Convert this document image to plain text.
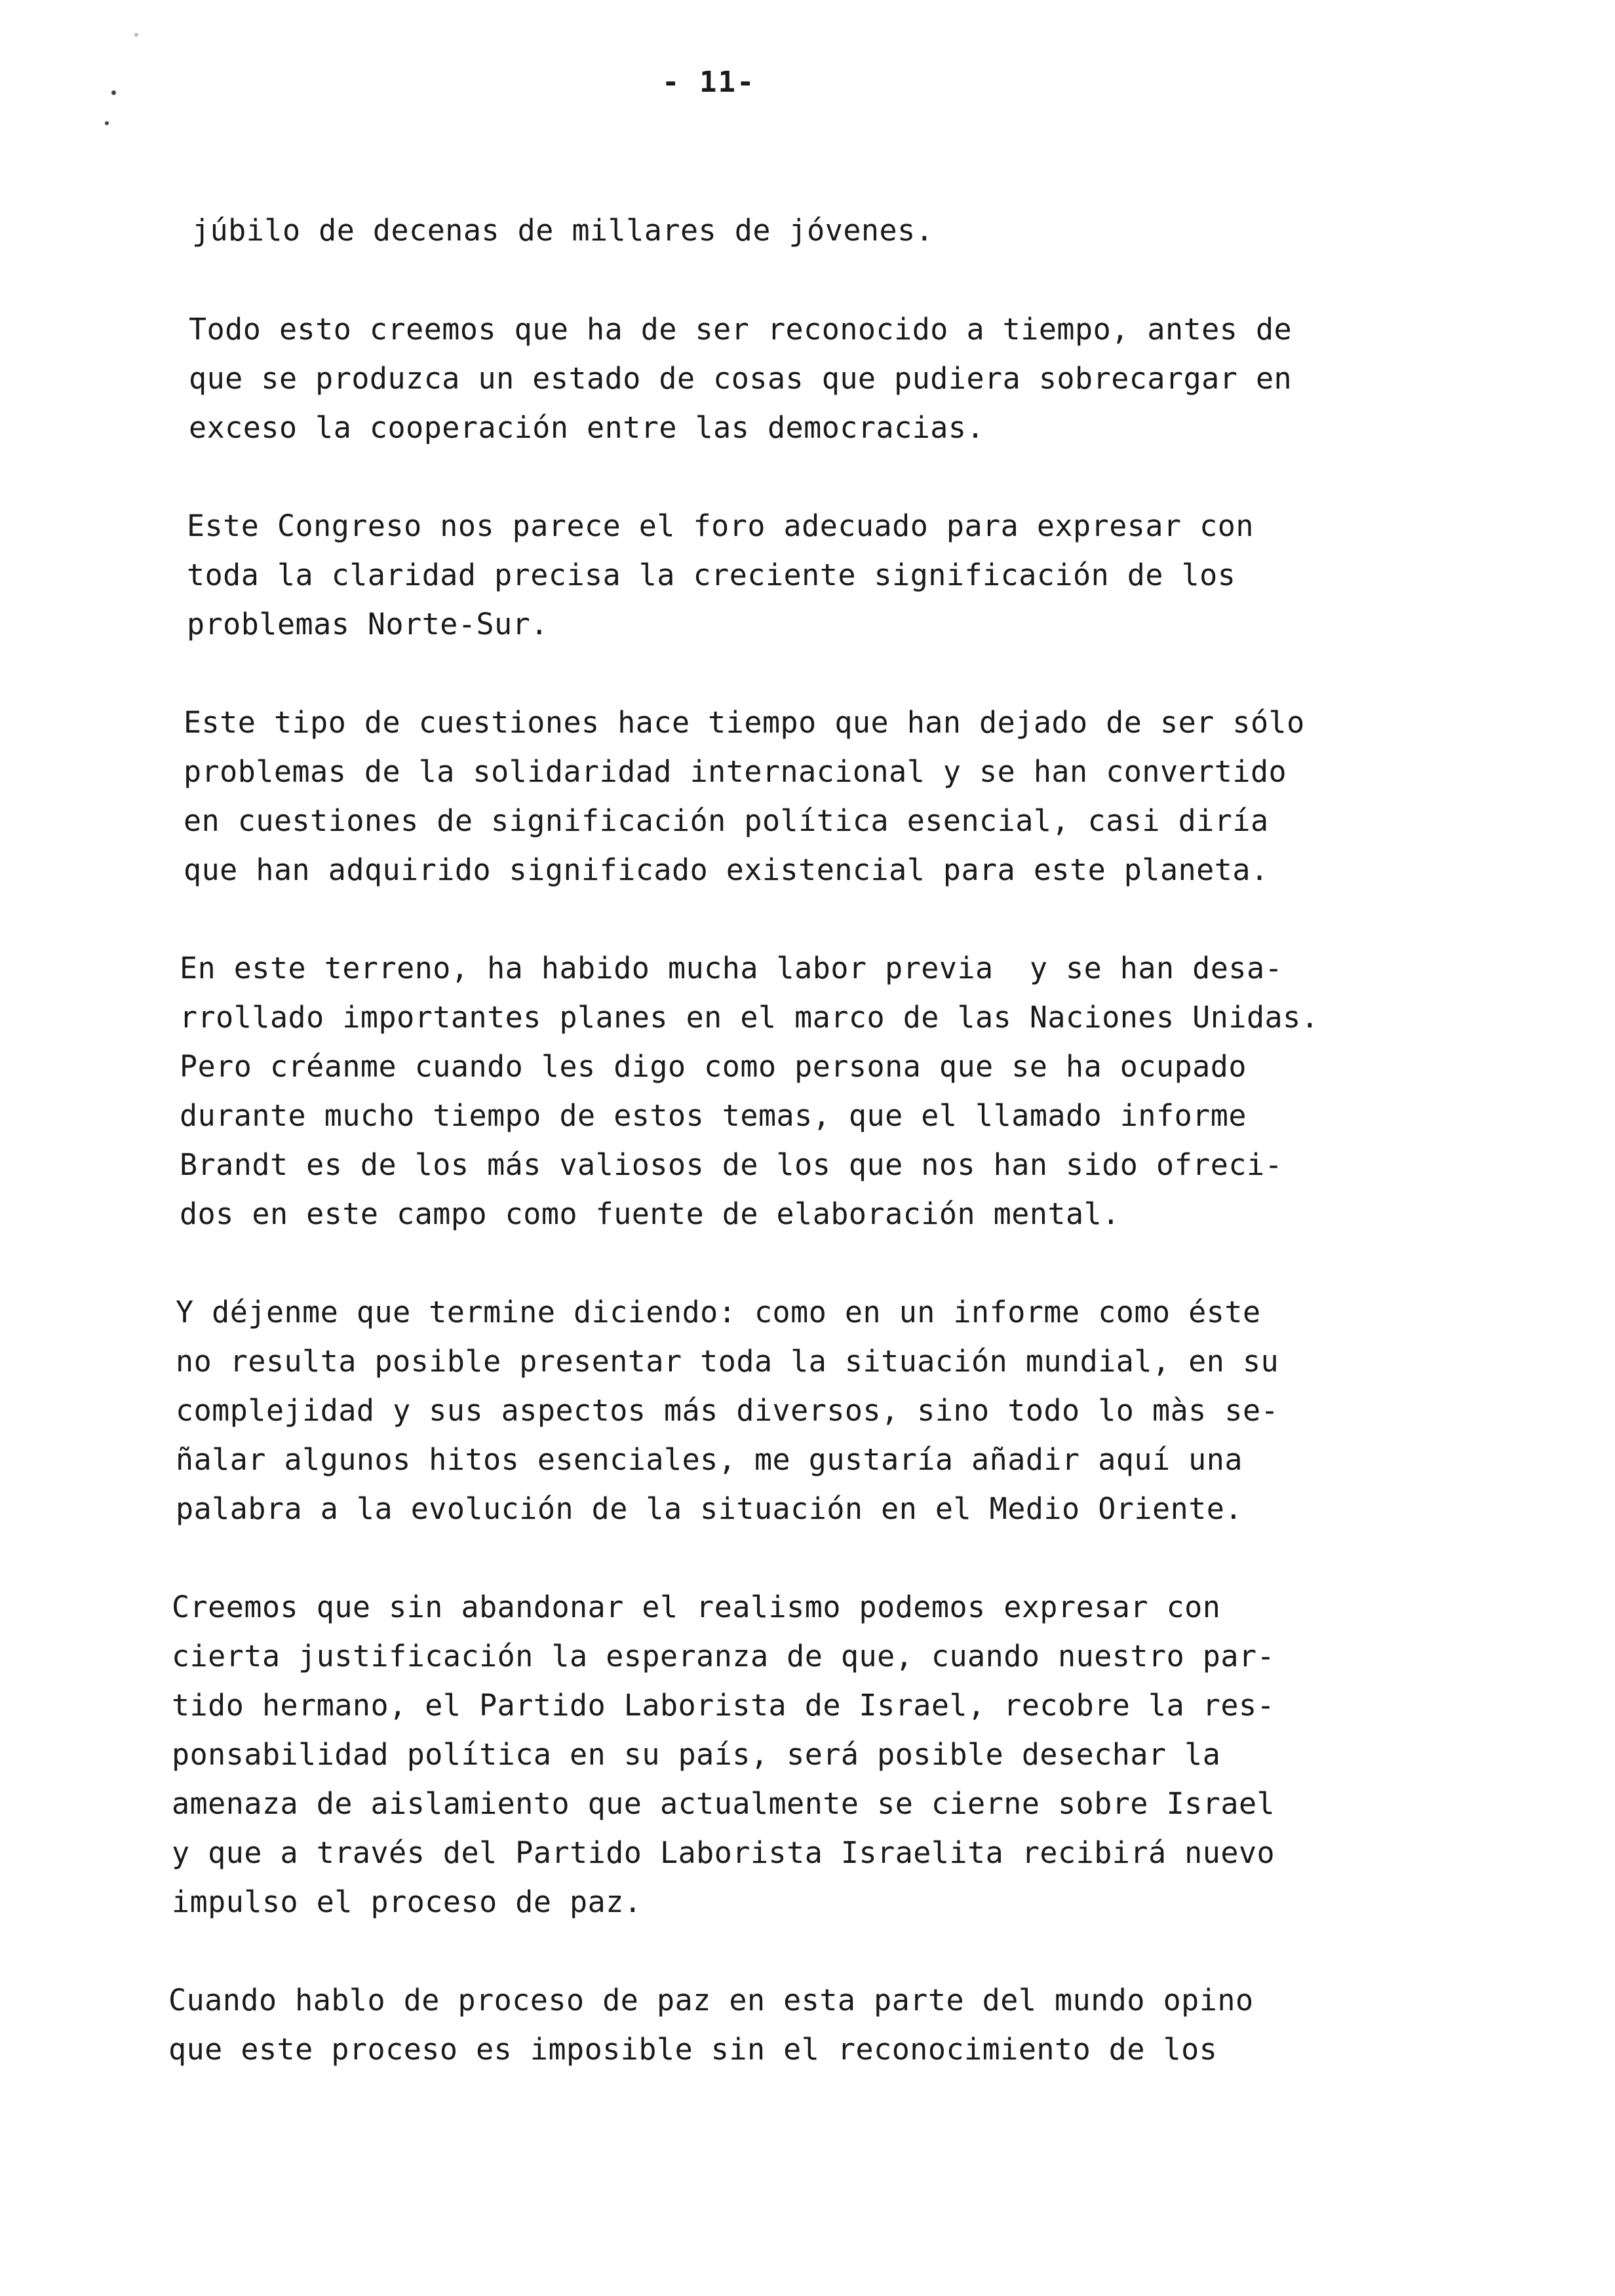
- 11-
júbilo de decenas de millares de jóvenes.
Todo esto creemos que ha de ser reconocido a tiempo, antes de
que se produzca un estado de cosas que pudiera sobrecargar en
exceso la cooperación entre las democracias.
Este Congreso nos parece el foro adecuado para expresar con
toda la claridad precisa la creciente significación de los
problemas Norte-Sur.
Este tipo de cuestiones hace tiempo que han dejado de ser sólo
problemas de la solidaridad internacional y se han convertido
en cuestiones de significación política esencial, casi diría
que han adquirido significado existencial para este planeta.
En este terreno, ha habido mucha labor previa  y se han desa-
rrollado importantes planes en el marco de las Naciones Unidas.
Pero créanme cuando les digo como persona que se ha ocupado
durante mucho tiempo de estos temas, que el llamado informe
Brandt es de los más valiosos de los que nos han sido ofreci-
dos en este campo como fuente de elaboración mental.
Y déjenme que termine diciendo: como en un informe como éste
no resulta posible presentar toda la situación mundial, en su
complejidad y sus aspectos más diversos, sino todo lo màs se-
ñalar algunos hitos esenciales, me gustaría añadir aquí una
palabra a la evolución de la situación en el Medio Oriente.
Creemos que sin abandonar el realismo podemos expresar con
cierta justificación la esperanza de que, cuando nuestro par-
tido hermano, el Partido Laborista de Israel, recobre la res-
ponsabilidad política en su país, será posible desechar la
amenaza de aislamiento que actualmente se cierne sobre Israel
y que a través del Partido Laborista Israelita recibirá nuevo
impulso el proceso de paz.
Cuando hablo de proceso de paz en esta parte del mundo opino
que este proceso es imposible sin el reconocimiento de los
